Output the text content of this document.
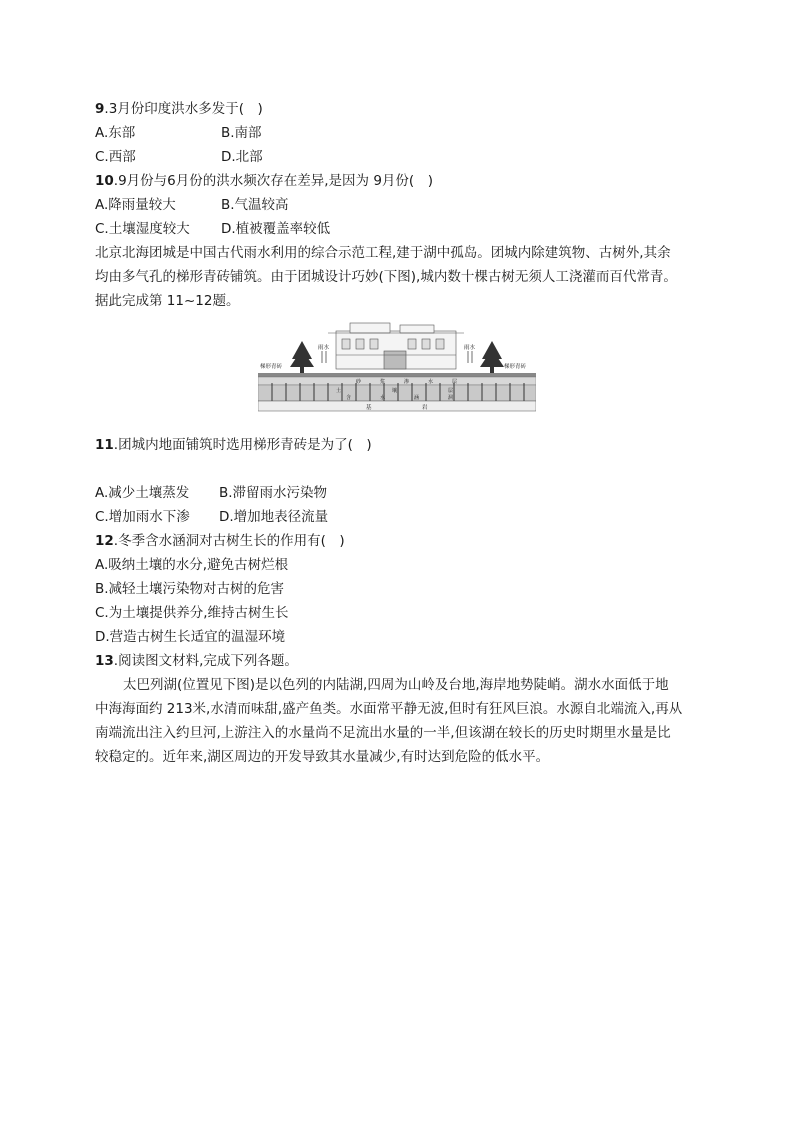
9.3月份印度洪水多发于(　)
A.东部	B.南部
C.西部	D.北部
10.9月份与6月份的洪水频次存在差异,是因为 9月份(　)
A.降雨量较大	B.气温较高
C.土壤湿度较大 D.植被覆盖率较低
北京北海团城是中国古代雨水利用的综合示范工程,建于湖中孤岛。团城内除建筑物、古树外,其余
均由多气孔的梯形青砖铺筑。由于团城设计巧妙(下图),城内数十棵古树无须人工浇灌而百代常青。
据此完成第 11~12题。
梯形青砖	梯形青砖
雨水	雨水
砂	浆	渗	水	层
土	壤	层
含	水	涵	洞
基	岩
11.团城内地面铺筑时选用梯形青砖是为了(　)
A.减少土壤蒸发 B.滞留雨水污染物
C.增加雨水下渗 D.增加地表径流量
12.冬季含水涵洞对古树生长的作用有(　)
A.吸纳土壤的水分,避免古树烂根
B.减轻土壤污染物对古树的危害
C.为土壤提供养分,维持古树生长
D.营造古树生长适宜的温湿环境
13.阅读图文材料,完成下列各题。
太巴列湖(位置见下图)是以色列的内陆湖,四周为山岭及台地,海岸地势陡峭。湖水水面低于地
中海海面约 213米,水清而味甜,盛产鱼类。水面常平静无波,但时有狂风巨浪。水源自北端流入,再从
南端流出注入约旦河,上游注入的水量尚不足流出水量的一半,但该湖在较长的历史时期里水量是比
较稳定的。近年来,湖区周边的开发导致其水量减少,有时达到危险的低水平。
